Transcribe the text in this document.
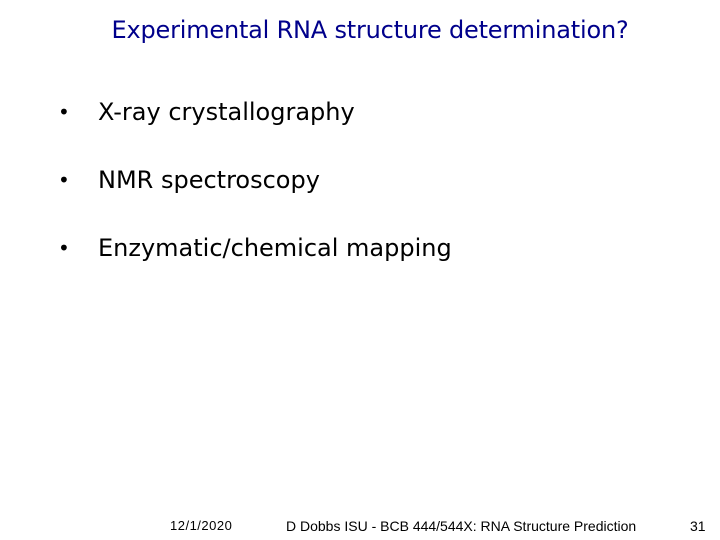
Experimental RNA structure determination?
•	X-ray crystallography
•	NMR spectroscopy
•	Enzymatic/chemical mapping
12/1/2020	D Dobbs ISU - BCB 444/544X: RNA Structure Prediction	31
